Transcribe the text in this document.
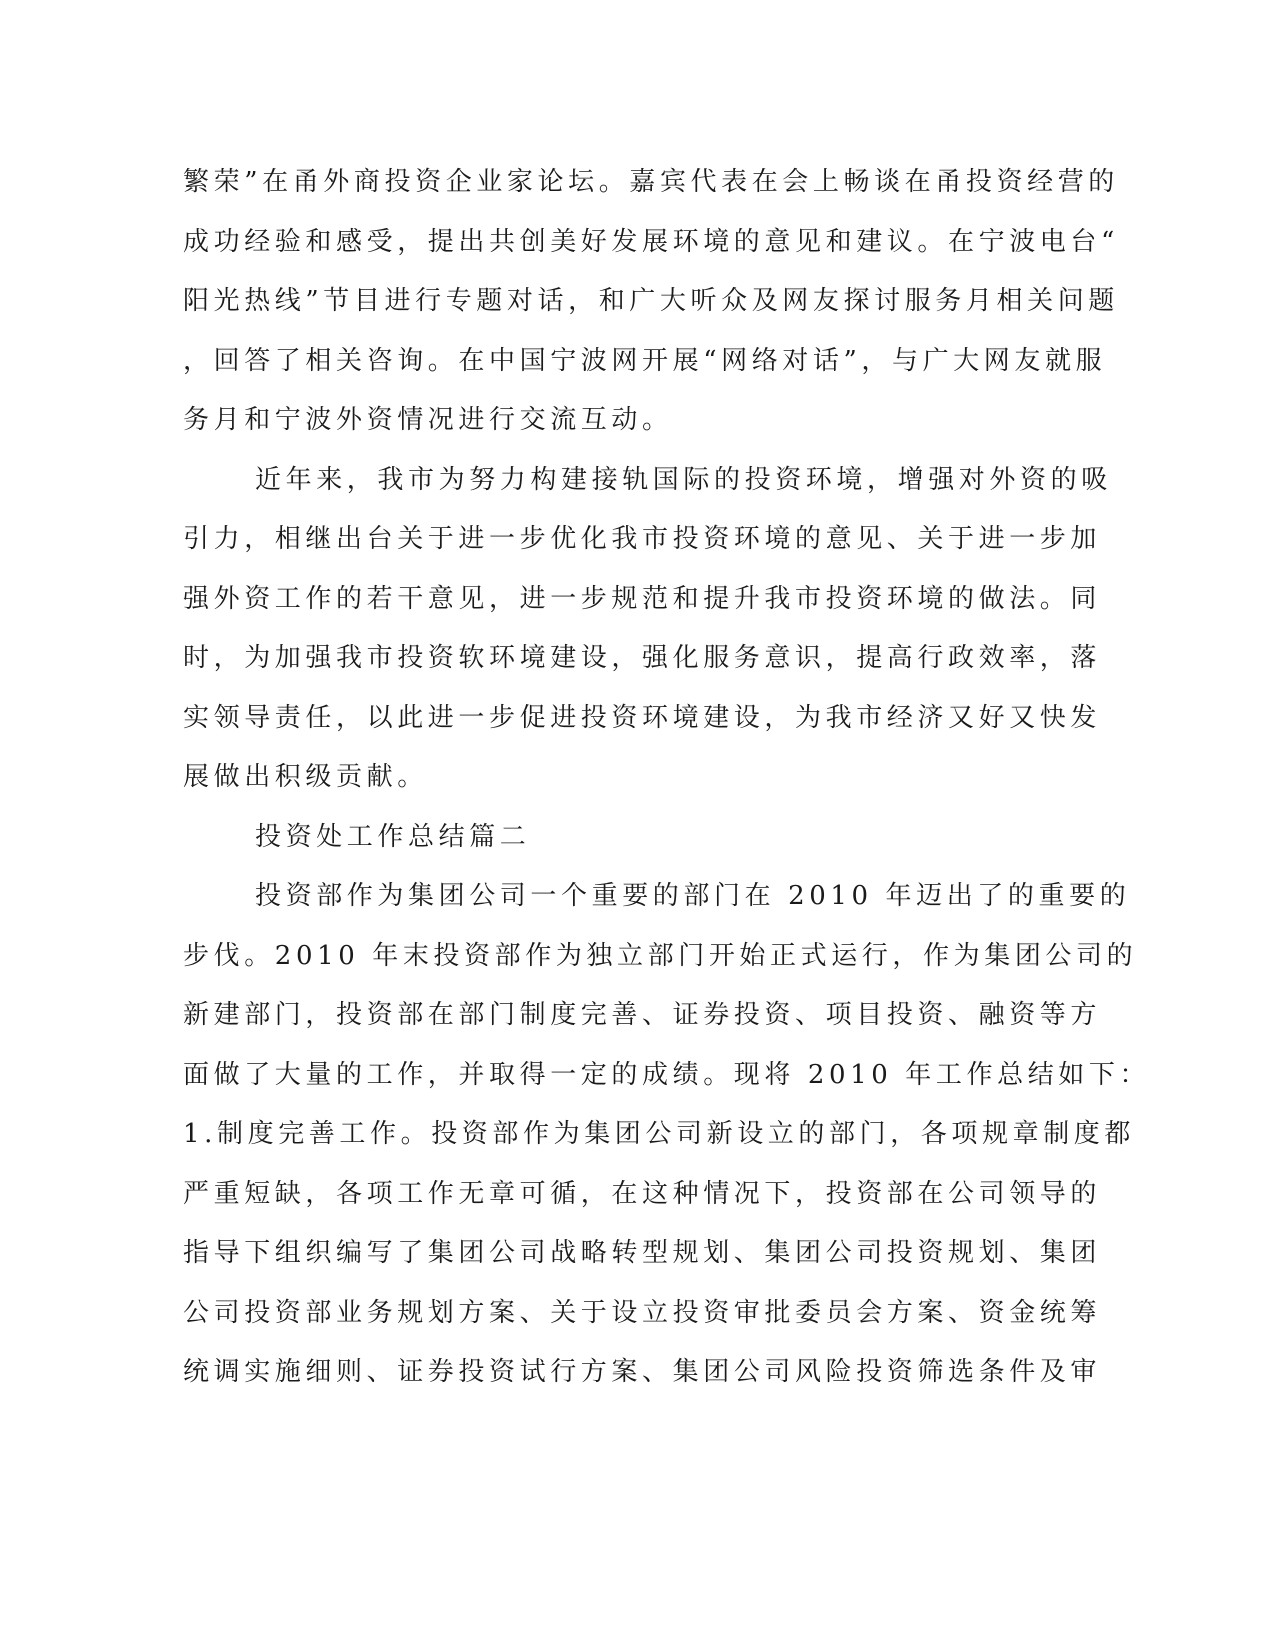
繁荣”在甬外商投资企业家论坛。嘉宾代表在会上畅谈在甬投资经营的
成功经验和感受，提出共创美好发展环境的意见和建议。在宁波电台“
阳光热线”节目进行专题对话，和广大听众及网友探讨服务月相关问题
，回答了相关咨询。在中国宁波网开展“网络对话”，与广大网友就服
务月和宁波外资情况进行交流互动。
近年来，我市为努力构建接轨国际的投资环境，增强对外资的吸
引力，相继出台关于进一步优化我市投资环境的意见、关于进一步加
强外资工作的若干意见，进一步规范和提升我市投资环境的做法。同
时，为加强我市投资软环境建设，强化服务意识，提高行政效率，落
实领导责任，以此进一步促进投资环境建设，为我市经济又好又快发
展做出积级贡献。
投资处工作总结篇二
投资部作为集团公司一个重要的部门在 2010 年迈出了的重要的
步伐。2010 年末投资部作为独立部门开始正式运行，作为集团公司的
新建部门，投资部在部门制度完善、证券投资、项目投资、融资等方
面做了大量的工作，并取得一定的成绩。现将 2010 年工作总结如下：
1.制度完善工作。投资部作为集团公司新设立的部门，各项规章制度都
严重短缺，各项工作无章可循，在这种情况下，投资部在公司领导的
指导下组织编写了集团公司战略转型规划、集团公司投资规划、集团
公司投资部业务规划方案、关于设立投资审批委员会方案、资金统筹
统调实施细则、证券投资试行方案、集团公司风险投资筛选条件及审
